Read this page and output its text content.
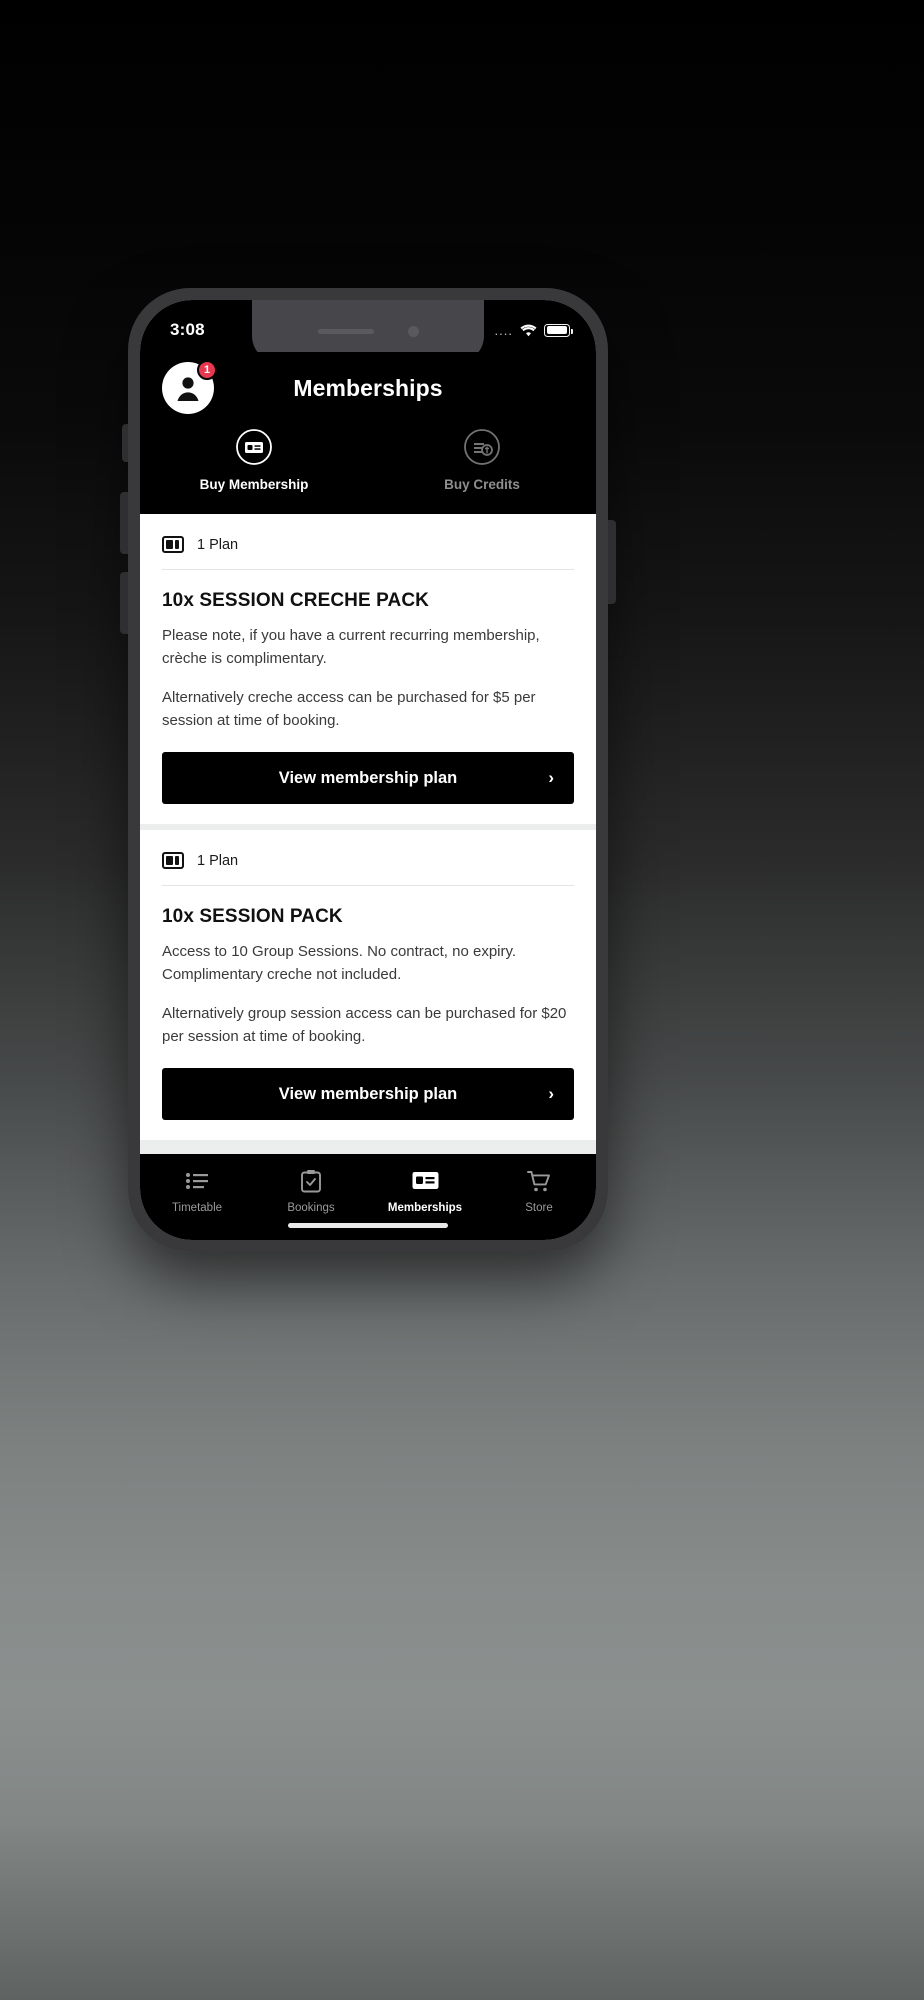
3:08	....
1
Memberships
Buy Membership	Buy Credits
1 Plan
10x SESSION CRECHE PACK
Please note, if you have a current recurring membership, crèche is complimentary.
Alternatively creche access can be purchased for $5 per session at time of booking.
View membership plan	›
1 Plan
10x SESSION PACK
Access to 10 Group Sessions. No contract, no expiry. Complimentary creche not included.
Alternatively group session access can be purchased for $20 per session at time of booking.
View membership plan	›
Timetable	Bookings	Memberships	Store
